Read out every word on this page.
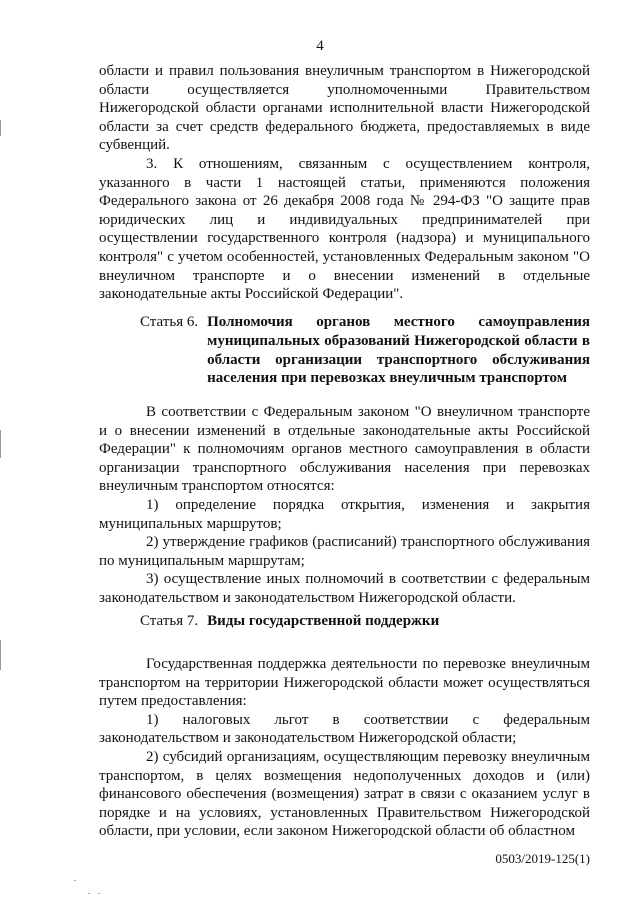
4

области и правил пользования внеуличным транспортом в Нижегородской области осуществляется уполномоченными Правительством Нижегородской области органами исполнительной власти Нижегородской области за счет средств федерального бюджета, предоставляемых в виде субвенций.

3. К отношениям, связанным с осуществлением контроля, указанного в части 1 настоящей статьи, применяются положения Федерального закона от 26 декабря 2008 года № 294-ФЗ "О защите прав юридических лиц и индивидуальных предпринимателей при осуществлении государственного контроля (надзора) и муниципального контроля" с учетом особенностей, установленных Федеральным законом "О внеуличном транспорте и о внесении изменений в отдельные законодательные акты Российской Федерации".

Статья 6. Полномочия органов местного самоуправления муниципальных образований Нижегородской области в области организации транспортного обслуживания населения при перевозках внеуличным транспортом

В соответствии с Федеральным законом "О внеуличном транспорте и о внесении изменений в отдельные законодательные акты Российской Федерации" к полномочиям органов местного самоуправления в области организации транспортного обслуживания населения при перевозках внеуличным транспортом относятся:

1) определение порядка открытия, изменения и закрытия муниципальных маршрутов;

2) утверждение графиков (расписаний) транспортного обслуживания по муниципальным маршрутам;

3) осуществление иных полномочий в соответствии с федеральным законодательством и законодательством Нижегородской области.

Статья 7. Виды государственной поддержки

Государственная поддержка деятельности по перевозке внеуличным транспортом на территории Нижегородской области может осуществляться путем предоставления:

1) налоговых льгот в соответствии с федеральным законодательством и законодательством Нижегородской области;

2) субсидий организациям, осуществляющим перевозку внеуличным транспортом, в целях возмещения недополученных доходов и (или) финансового обеспечения (возмещения) затрат в связи с оказанием услуг в порядке и на условиях, установленных Правительством Нижегородской области, при условии, если законом Нижегородской области об областном

0503/2019-125(1)
